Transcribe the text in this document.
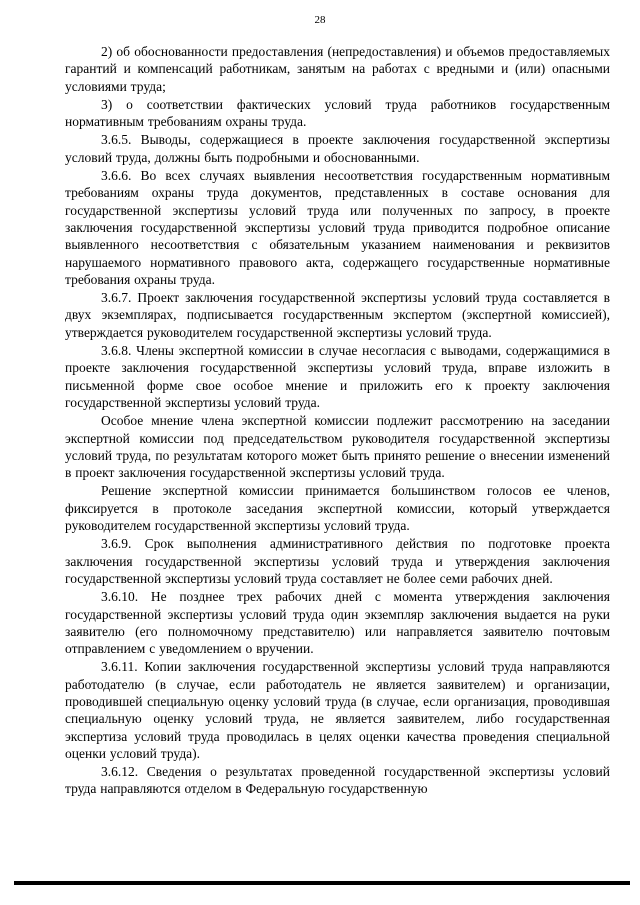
28

2) об обоснованности предоставления (непредоставления) и объемов предоставляемых гарантий и компенсаций работникам, занятым на работах с вредными и (или) опасными условиями труда;

3) о соответствии фактических условий труда работников государственным нормативным требованиям охраны труда.

3.6.5. Выводы, содержащиеся в проекте заключения государственной экспертизы условий труда, должны быть подробными и обоснованными.

3.6.6. Во всех случаях выявления несоответствия государственным нормативным требованиям охраны труда документов, представленных в составе основания для государственной экспертизы условий труда или полученных по запросу, в проекте заключения государственной экспертизы условий труда приводится подробное описание выявленного несоответствия с обязательным указанием наименования и реквизитов нарушаемого нормативного правового акта, содержащего государственные нормативные требования охраны труда.

3.6.7. Проект заключения государственной экспертизы условий труда составляется в двух экземплярах, подписывается государственным экспертом (экспертной комиссией), утверждается руководителем государственной экспертизы условий труда.

3.6.8. Члены экспертной комиссии в случае несогласия с выводами, содержащимися в проекте заключения государственной экспертизы условий труда, вправе изложить в письменной форме свое особое мнение и приложить его к проекту заключения государственной экспертизы условий труда.

Особое мнение члена экспертной комиссии подлежит рассмотрению на заседании экспертной комиссии под председательством руководителя государственной экспертизы условий труда, по результатам которого может быть принято решение о внесении изменений в проект заключения государственной экспертизы условий труда.

Решение экспертной комиссии принимается большинством голосов ее членов, фиксируется в протоколе заседания экспертной комиссии, который утверждается руководителем государственной экспертизы условий труда.

3.6.9. Срок выполнения административного действия по подготовке проекта заключения государственной экспертизы условий труда и утверждения заключения государственной экспертизы условий труда составляет не более семи рабочих дней.

3.6.10. Не позднее трех рабочих дней с момента утверждения заключения государственной экспертизы условий труда один экземпляр заключения выдается на руки заявителю (его полномочному представителю) или направляется заявителю почтовым отправлением с уведомлением о вручении.

3.6.11. Копии заключения государственной экспертизы условий труда направляются работодателю (в случае, если работодатель не является заявителем) и организации, проводившей специальную оценку условий труда (в случае, если организация, проводившая специальную оценку условий труда, не является заявителем, либо государственная экспертиза условий труда проводилась в целях оценки качества проведения специальной оценки условий труда).

3.6.12. Сведения о результатах проведенной государственной экспертизы условий труда направляются отделом в Федеральную государственную
